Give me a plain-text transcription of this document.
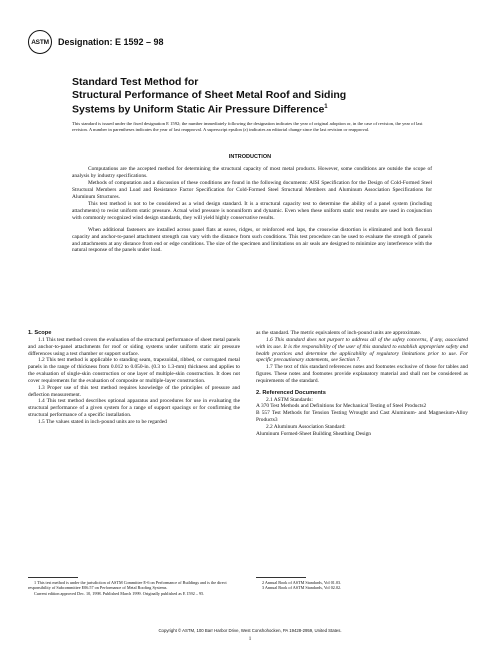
ASTM	Designation: E 1592 – 98
Standard Test Method for
Structural Performance of Sheet Metal Roof and Siding
Systems by Uniform Static Air Pressure Difference$^1$
This standard is issued under the fixed designation E 1592; the number immediately following the designation indicates the year of original adoption or, in the case of revision, the year of last revision. A number in parentheses indicates the year of last reapproval. A superscript epsilon (ε) indicates an editorial change since the last revision or reapproval.
INTRODUCTION

Computations are the accepted method for determining the structural capacity of most metal products. However, some conditions are outside the scope of analysis by industry specifications.

Methods of computation and a discussion of these conditions are found in the following documents: AISI Specification for the Design of Cold-Formed Steel Structural Members and Load and Resistance Factor Specification for Cold-Formed Steel Structural Members and Aluminum Association Specifications for Aluminum Structures.

This test method is not to be considered as a wind design standard. It is a structural capacity test to determine the ability of a panel system (including attachments) to resist uniform static pressure. Actual wind pressure is nonuniform and dynamic. Even when these uniform static test results are used in conjunction with commonly recognized wind design standards, they will yield highly conservative results.

When additional fasteners are installed across panel flats at eaves, ridges, or reinforced end laps, the crosswise distortion is eliminated and both flexural capacity and anchor-to-panel attachment strength can vary with the distance from such conditions. This test procedure can be used to evaluate the strength of panels and attachments at any distance from end or edge conditions. The size of the specimen and limitations on air seals are designed to minimize any interference with the natural response of the panels under load.

1. Scope

1.1 This test method covers the evaluation of the structural performance of sheet metal panels and anchor-to-panel attachments for roof or siding systems under uniform static air pressure differences using a test chamber or support surface.

1.2 This test method is applicable to standing seam, trapezoidal, ribbed, or corrugated metal panels in the range of thickness from 0.012 to 0.050-in. (0.3 to 1.3-mm) thickness and applies to the evaluation of single-skin construction or one layer of multiple-skin construction. It does not cover requirements for the evaluation of composite or multiple-layer construction.

1.3 Proper use of this test method requires knowledge of the principles of pressure and deflection measurement.

1.4 This test method describes optional apparatus and procedures for use in evaluating the structural performance of a given system for a range of support spacings or for confirming the structural performance of a specific installation.

1.5 The values stated in inch-pound units are to be regarded

as the standard. The metric equivalents of inch-pound units are approximate.

1.6 This standard does not purport to address all of the safety concerns, if any, associated with its use. It is the responsibility of the user of this standard to establish appropriate safety and health practices and determine the applicability of regulatory limitations prior to use. For specific precautionary statements, see Section 7.

1.7 The text of this standard references notes and footnotes exclusive of those for tables and figures. These notes and footnotes provide explanatory material and shall not be considered as requirements of the standard.

2. Referenced Documents

2.1 ASTM Standards:

A 370 Test Methods and Definitions for Mechanical Testing of Steel Products2

B 557 Test Methods for Tension Testing Wrought and Cast Aluminum- and Magnesium-Alloy Products3

2.2 Aluminum Association Standard:

Aluminum Formed-Sheet Building Sheathing Design

1 This test method is under the jurisdiction of ASTM Committee E-6 on Performance of Buildings and is the direct responsibility of Subcommittee E06.57 on Performance of Metal Roofing Systems.

Current edition approved Dec. 10, 1998. Published March 1999. Originally published as E 1592 – 95.

2 Annual Book of ASTM Standards, Vol 01.03.

3 Annual Book of ASTM Standards, Vol 02.02.

Copyright © ASTM, 100 Barr Harbor Drive, West Conshohocken, PA 19428-2959, United States.
1
